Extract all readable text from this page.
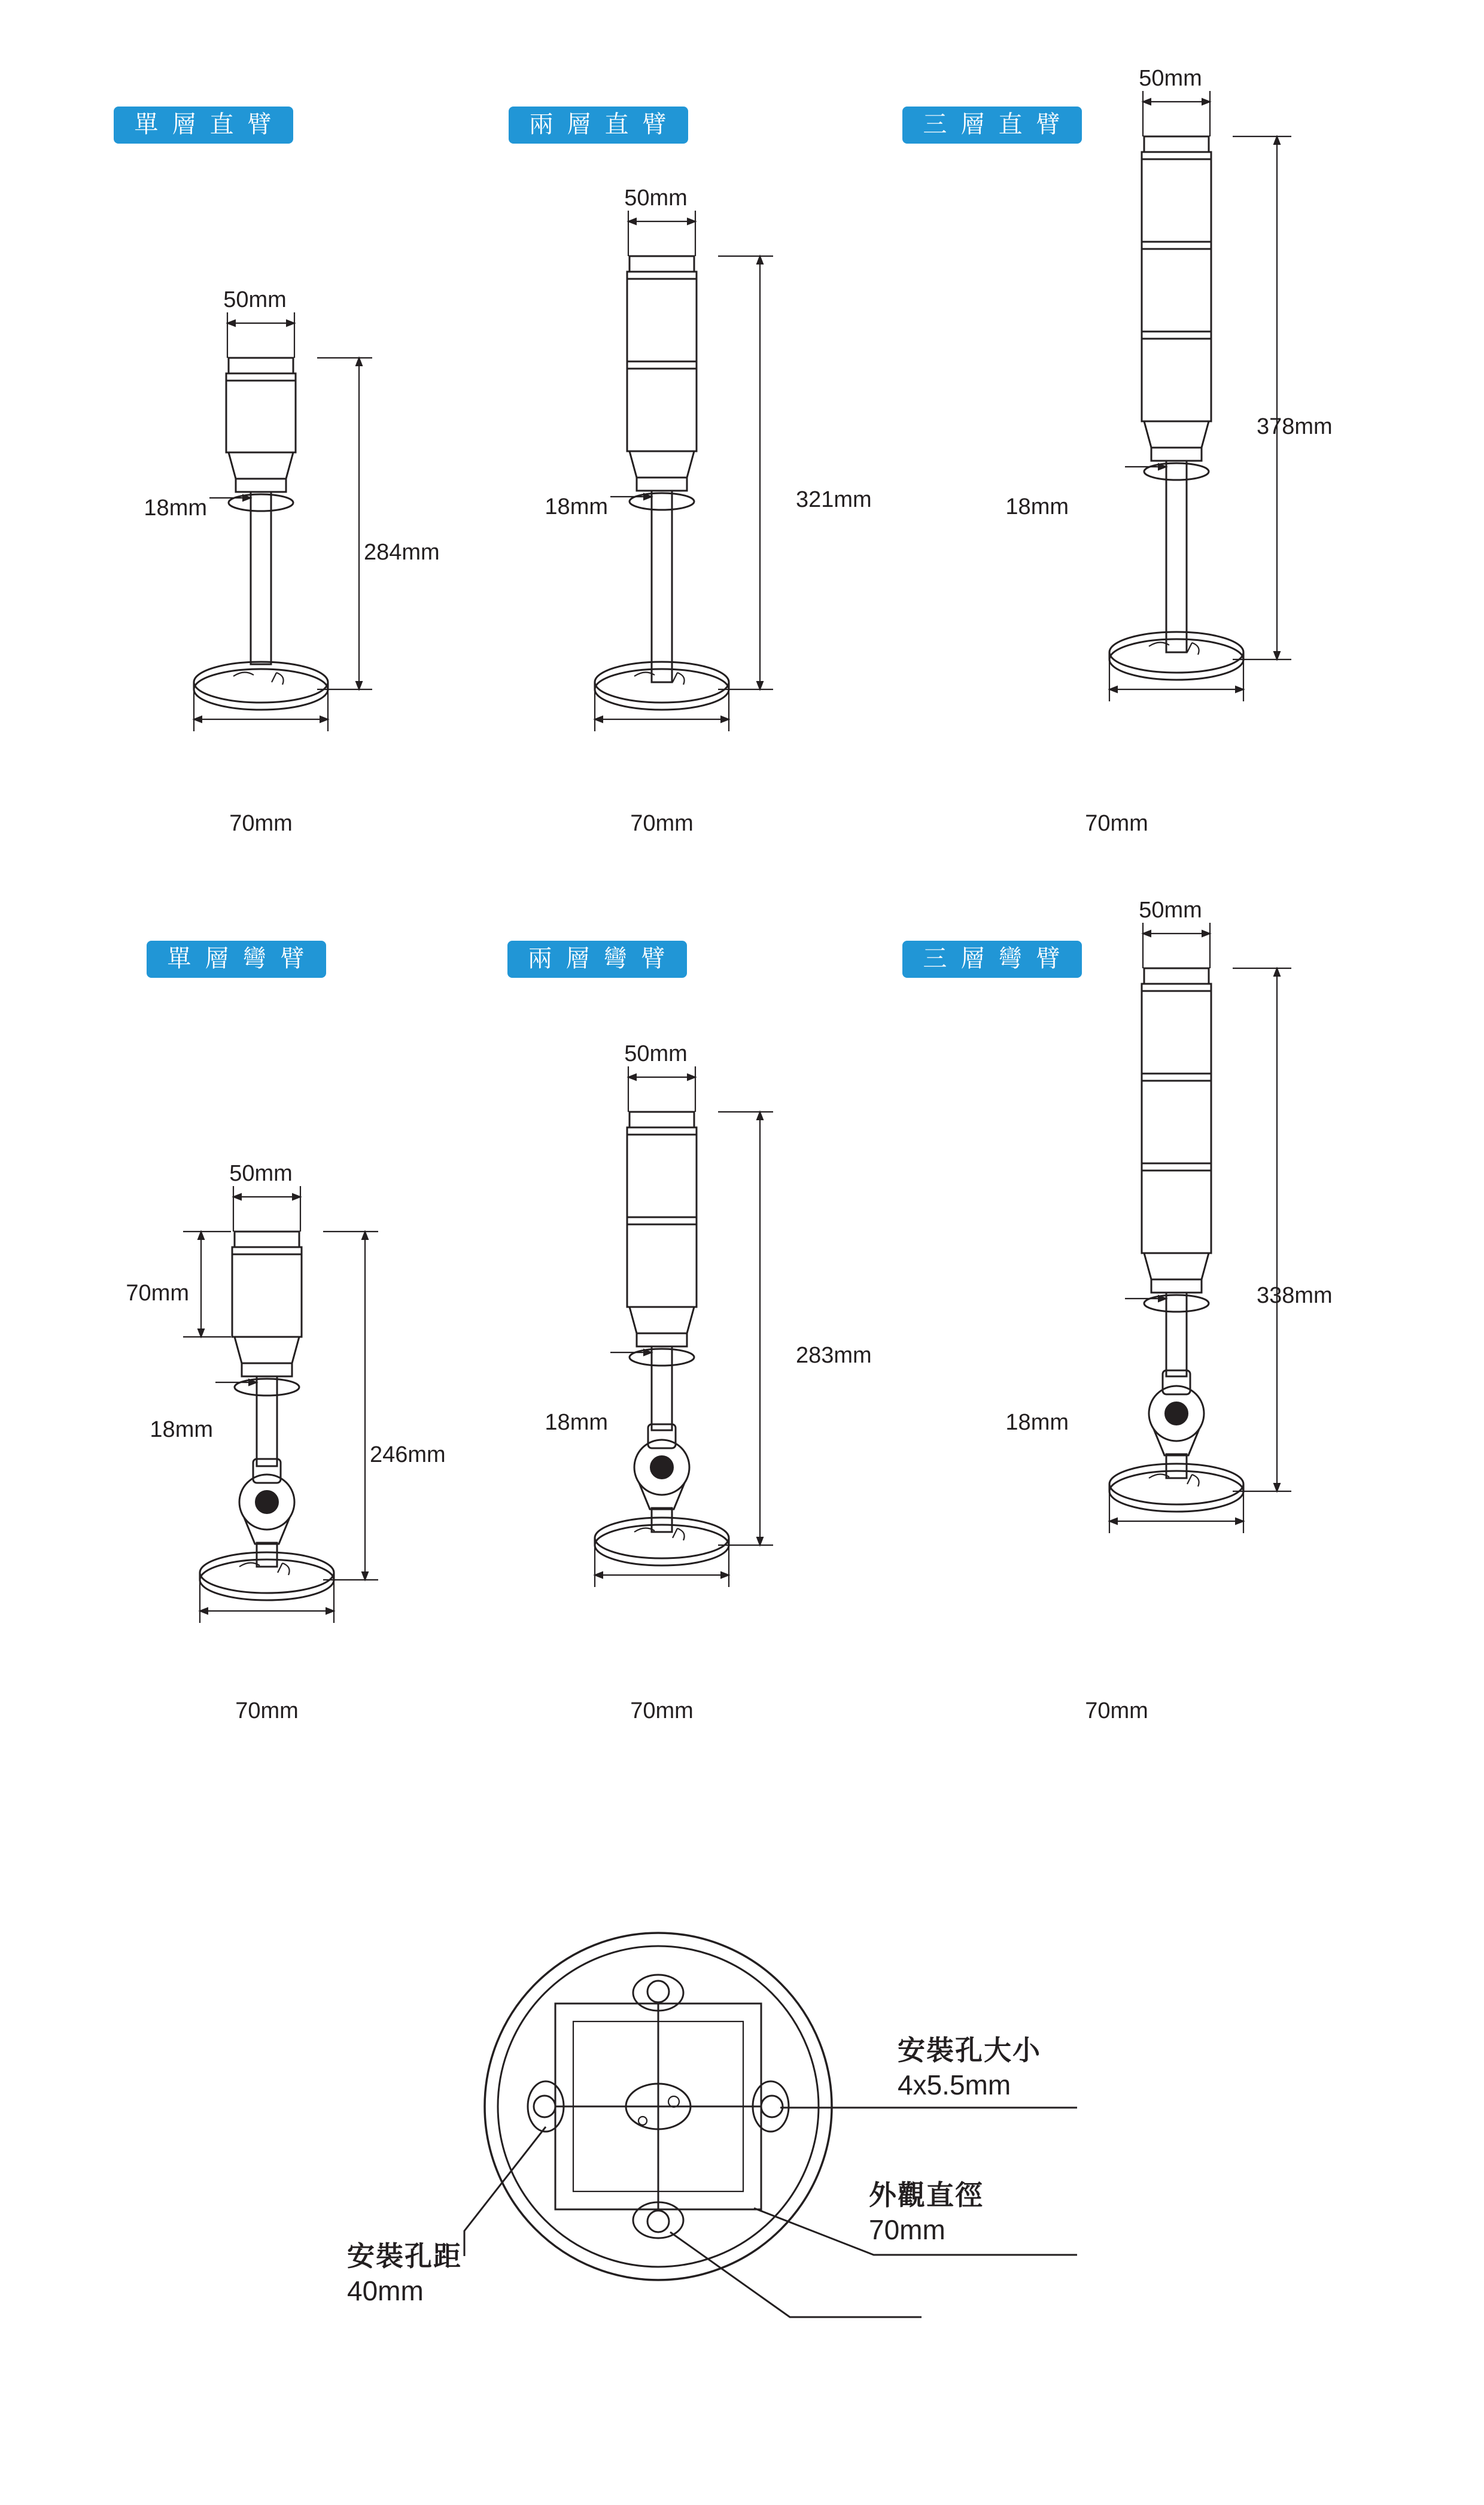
單 層 直 臂
50mm
18mm
284mm
70mm
兩 層 直 臂
50mm
18mm	321mm
70mm
三 層 直 臂
50mm
18mm
378mm
70mm
單 層 彎 臂
50mm
70mm
18mm
246mm
70mm
兩 層 彎 臂
50mm
18mm
283mm
70mm
三 層 彎 臂
50mm
18mm
338mm
70mm
安裝孔大小
4x5.5mm
外觀直徑
70mm
安裝孔距
40mm
